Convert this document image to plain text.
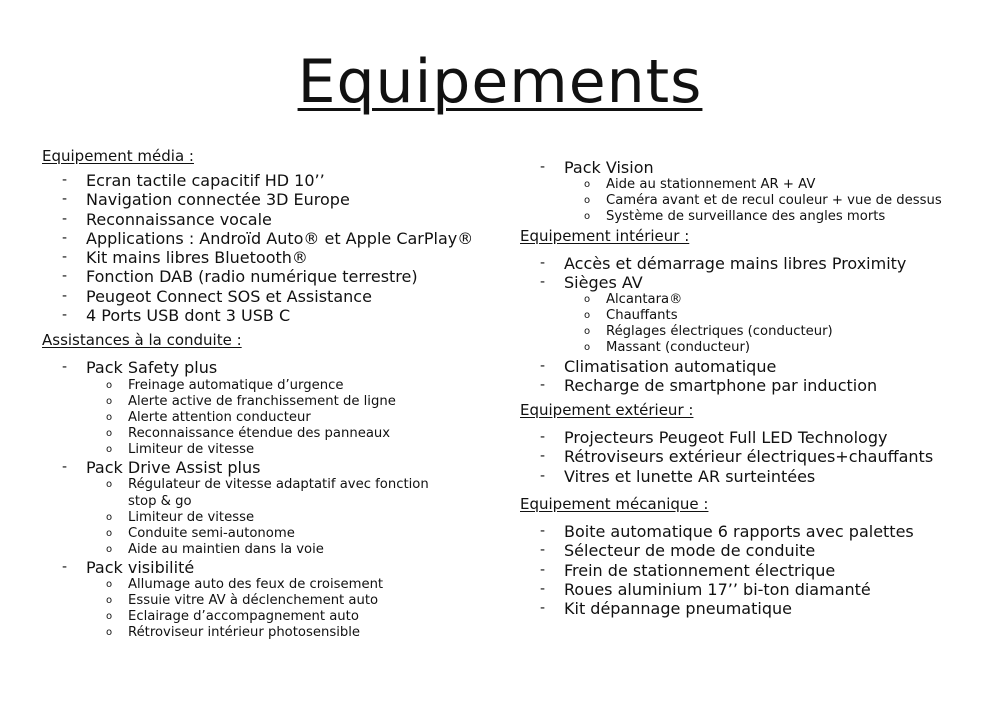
Equipements

Equipement média :

- Ecran tactile capacitif HD 10’’
- Navigation connectée 3D Europe
- Reconnaissance vocale
- Applications : Androïd Auto® et Apple CarPlay®
- Kit mains libres Bluetooth®
- Fonction DAB (radio numérique terrestre)
- Peugeot Connect SOS et Assistance
- 4 Ports USB dont 3 USB C

Assistances à la conduite :

- Pack Safety plus
o Freinage automatique d’urgence
o Alerte active de franchissement de ligne
o Alerte attention conducteur
o Reconnaissance étendue des panneaux
o Limiteur de vitesse
- Pack Drive Assist plus
o Régulateur de vitesse adaptatif avec fonction stop & go
o Limiteur de vitesse
o Conduite semi-autonome
o Aide au maintien dans la voie
- Pack visibilité
o Allumage auto des feux de croisement
o Essuie vitre AV à déclenchement auto
o Eclairage d’accompagnement auto
o Rétroviseur intérieur photosensible
- Pack Vision
o Aide au stationnement AR + AV
o Caméra avant et de recul couleur + vue de dessus
o Système de surveillance des angles morts

Equipement intérieur :

- Accès et démarrage mains libres Proximity
- Sièges AV
o Alcantara®
o Chauffants
o Réglages électriques (conducteur)
o Massant (conducteur)
- Climatisation automatique
- Recharge de smartphone par induction

Equipement extérieur :

- Projecteurs Peugeot Full LED Technology
- Rétroviseurs extérieur électriques+chauffants
- Vitres et lunette AR surteintées

Equipement mécanique :

- Boite automatique 6 rapports avec palettes
- Sélecteur de mode de conduite
- Frein de stationnement électrique
- Roues aluminium 17’’ bi-ton diamanté
- Kit dépannage pneumatique
